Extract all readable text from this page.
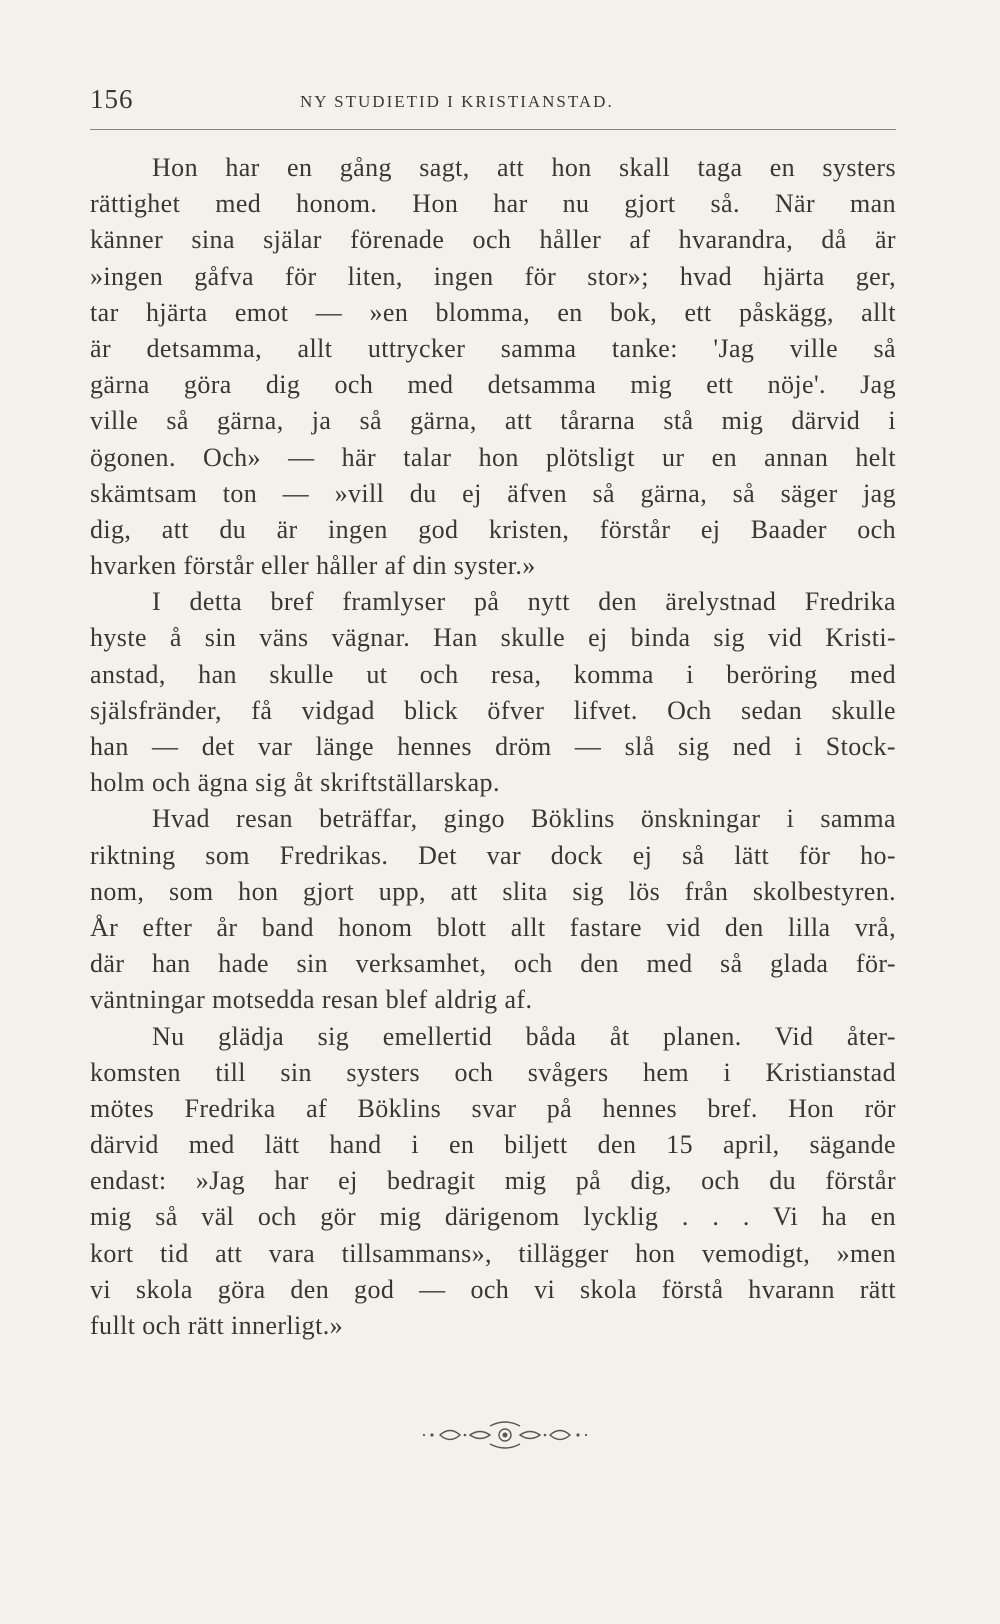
156	NY STUDIETID I KRISTIANSTAD.
Hon har en gång sagt, att hon skall taga en systers
rättighet med honom. Hon har nu gjort så. När man
känner sina själar förenade och håller af hvarandra, då är
»ingen gåfva för liten, ingen för stor»; hvad hjärta ger,
tar hjärta emot — »en blomma, en bok, ett påskägg, allt
är detsamma, allt uttrycker samma tanke: 'Jag ville så
gärna göra dig och med detsamma mig ett nöje'. Jag
ville så gärna, ja så gärna, att tårarna stå mig därvid i
ögonen. Och» — här talar hon plötsligt ur en annan helt
skämtsam ton — »vill du ej äfven så gärna, så säger jag
dig, att du är ingen god kristen, förstår ej Baader och
hvarken förstår eller håller af din syster.»
I detta bref framlyser på nytt den ärelystnad Fredrika
hyste å sin väns vägnar. Han skulle ej binda sig vid Kristi-
anstad, han skulle ut och resa, komma i beröring med
själsfränder, få vidgad blick öfver lifvet. Och sedan skulle
han — det var länge hennes dröm — slå sig ned i Stock-
holm och ägna sig åt skriftställarskap.
Hvad resan beträffar, gingo Böklins önskningar i samma
riktning som Fredrikas. Det var dock ej så lätt för ho-
nom, som hon gjort upp, att slita sig lös från skolbestyren.
År efter år band honom blott allt fastare vid den lilla vrå,
där han hade sin verksamhet, och den med så glada för-
väntningar motsedda resan blef aldrig af.
Nu glädja sig emellertid båda åt planen. Vid åter-
komsten till sin systers och svågers hem i Kristianstad
mötes Fredrika af Böklins svar på hennes bref. Hon rör
därvid med lätt hand i en biljett den 15 april, sägande
endast: »Jag har ej bedragit mig på dig, och du förstår
mig så väl och gör mig därigenom lycklig . . . Vi ha en
kort tid att vara tillsammans», tillägger hon vemodigt, »men
vi skola göra den god — och vi skola förstå hvarann rätt
fullt och rätt innerligt.»
